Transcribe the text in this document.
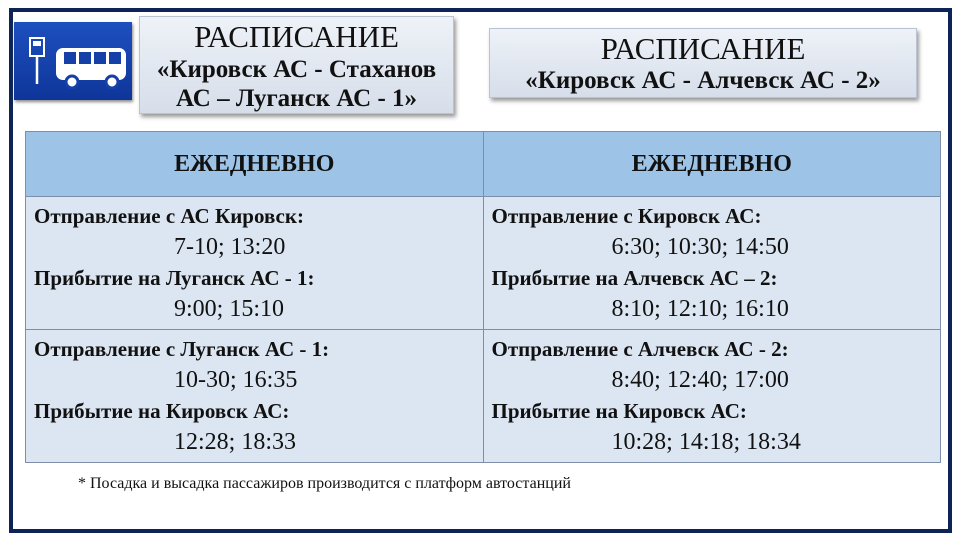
РАСПИСАНИЕ
«Кировск АС - Стаханов
АС – Луганск АС - 1»
РАСПИСАНИЕ
«Кировск АС - Алчевск АС - 2»
ЕЖЕДНЕВНО	ЕЖЕДНЕВНО

Отправление с АС Кировск:
7-10; 13:20
Прибытие на Луганск АС - 1:
9:00; 15:10	Отправление с Кировск АС:
6:30; 10:30; 14:50
Прибытие на Алчевск АС – 2:
8:10; 12:10; 16:10

Отправление с Луганск АС - 1:
10-30; 16:35
Прибытие на Кировск АС:
12:28; 18:33	Отправление с Алчевск АС - 2:
8:40; 12:40; 17:00
Прибытие на Кировск АС:
10:28; 14:18; 18:34
* Посадка и высадка пассажиров производится с платформ автостанций
